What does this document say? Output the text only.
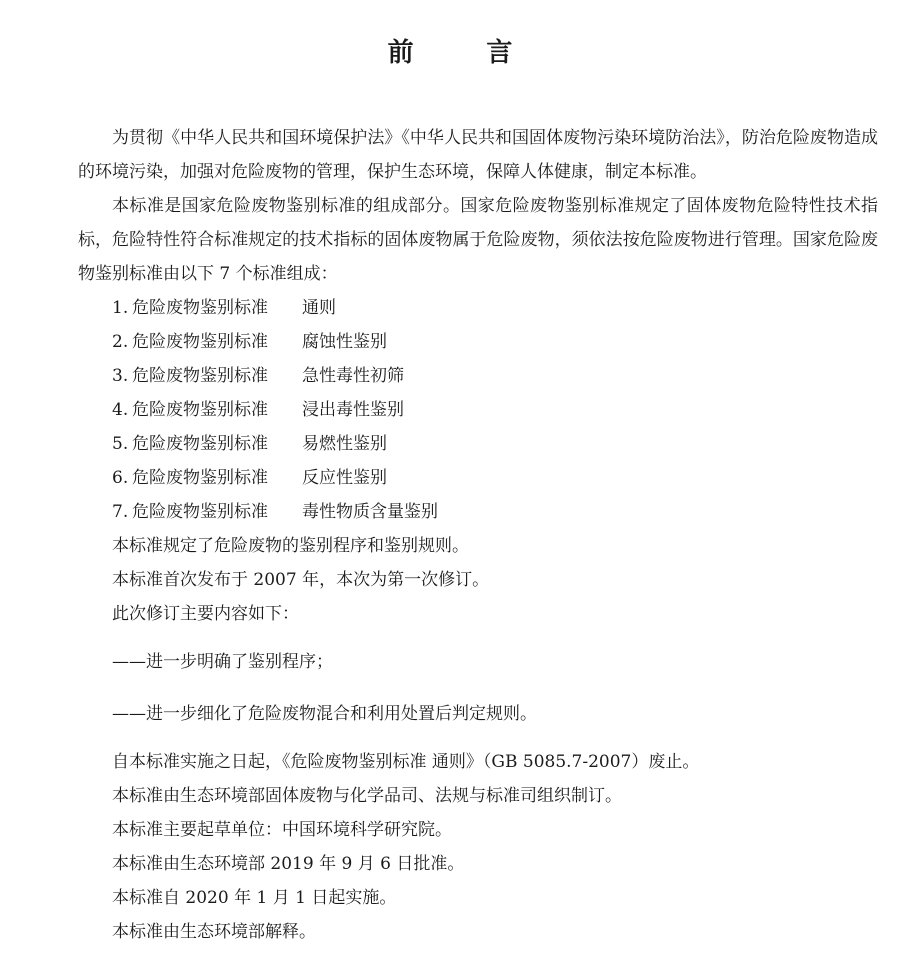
前　言

为贯彻《中华人民共和国环境保护法》《中华人民共和国固体废物污染环境防治法》，防治危险废物造成的环境污染，加强对危险废物的管理，保护生态环境，保障人体健康，制定本标准。

本标准是国家危险废物鉴别标准的组成部分。国家危险废物鉴别标准规定了固体废物危险特性技术指标，危险特性符合标准规定的技术指标的固体废物属于危险废物，须依法按危险废物进行管理。国家危险废物鉴别标准由以下 7 个标准组成：

1. 危险废物鉴别标准	通则
2. 危险废物鉴别标准	腐蚀性鉴别
3. 危险废物鉴别标准	急性毒性初筛
4. 危险废物鉴别标准	浸出毒性鉴别
5. 危险废物鉴别标准	易燃性鉴别
6. 危险废物鉴别标准	反应性鉴别
7. 危险废物鉴别标准	毒性物质含量鉴别

本标准规定了危险废物的鉴别程序和鉴别规则。

本标准首次发布于 2007 年，本次为第一次修订。

此次修订主要内容如下：

——进一步明确了鉴别程序；

——进一步细化了危险废物混合和利用处置后判定规则。

自本标准实施之日起，《危险废物鉴别标准 通则》（GB 5085.7-2007）废止。

本标准由生态环境部固体废物与化学品司、法规与标准司组织制订。

本标准主要起草单位：中国环境科学研究院。

本标准由生态环境部 2019 年 9 月 6 日批准。

本标准自 2020 年 1 月 1 日起实施。

本标准由生态环境部解释。
